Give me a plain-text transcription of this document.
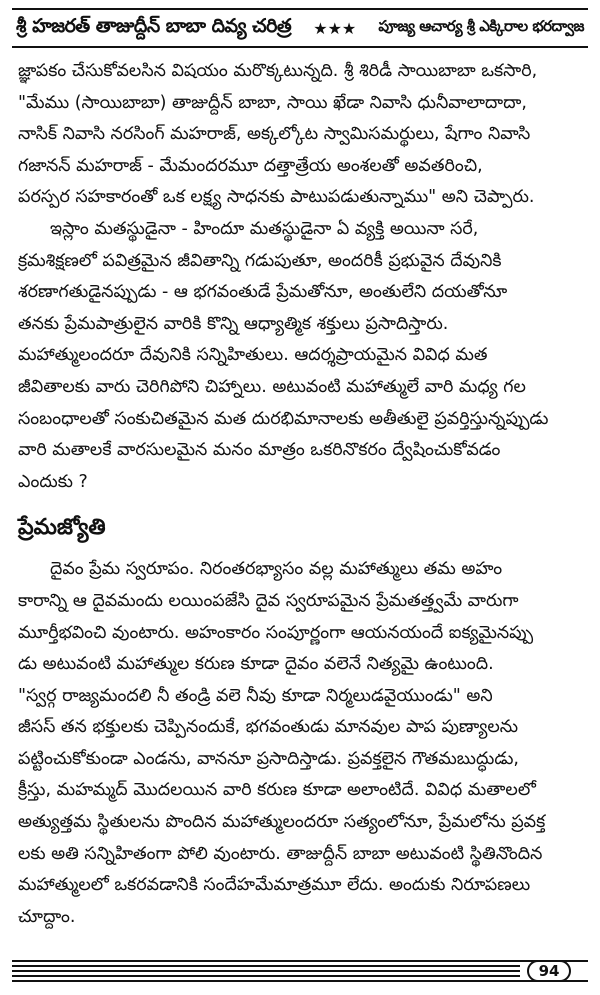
శ్రీ హజరత్ తాజుద్దీన్ బాబా దివ్య చరిత్ర ★★★ పూజ్య ఆచార్య శ్రీ ఎక్కిరాల భరద్వాజ

జ్ఞాపకం చేసుకోవలసిన విషయం మరొక్కటున్నది. శ్రీ శిరిడీ సాయిబాబా ఒకసారి,
"మేము (సాయిబాబా) తాజుద్దీన్ బాబా, సాయి ఖేడా నివాసి ధునీవాలాదాదా,
నాసిక్ నివాసి నరసింగ్ మహరాజ్, అక్కల్కోట స్వామిసమర్థులు, షేగాం నివాసి
గజానన్ మహరాజ్ - మేమందరమూ దత్తాత్రేయ అంశలతో అవతరించి,
పరస్పర సహకారంతో ఒక లక్ష్య సాధనకు పాటుపడుతున్నాము" అని చెప్పారు.

ఇస్లాం మతస్థుడైనా - హిందూ మతస్థుడైనా ఏ వ్యక్తి అయినా సరే,
క్రమశిక్షణలో పవిత్రమైన జీవితాన్ని గడుపుతూ, అందరికీ ప్రభువైన దేవునికి
శరణాగతుడైనప్పుడు - ఆ భగవంతుడే ప్రేమతోనూ, అంతులేని దయతోనూ
తనకు ప్రేమపాత్రులైన వారికి కొన్ని ఆధ్యాత్మిక శక్తులు ప్రసాదిస్తారు.
మహాత్ములందరూ దేవునికి సన్నిహితులు. ఆదర్శప్రాయమైన వివిధ మత
జీవితాలకు వారు చెరిగిపోని చిహ్నాలు. అటువంటి మహాత్ములే వారి మధ్య గల
సంబంధాలతో సంకుచితమైన మత దురభిమానాలకు అతీతులై ప్రవర్తిస్తున్నప్పుడు
వారి మతాలకే వారసులమైన మనం మాత్రం ఒకరినొకరం ద్వేషించుకోవడం
ఎందుకు ?

ప్రేమజ్యోతి

దైవం ప్రేమ స్వరూపం. నిరంతరభ్యాసం వల్ల మహాత్ములు తమ అహం
కారాన్ని ఆ దైవమందు లయింపజేసి దైవ స్వరూపమైన ప్రేమతత్త్వమే వారుగా
మూర్తీభవించి వుంటారు. అహంకారం సంపూర్ణంగా ఆయనయందే ఐక్యమైనప్పు
డు అటువంటి మహాత్ముల కరుణ కూడా దైవం వలెనే నిత్యమై ఉంటుంది.
"స్వర్గ రాజ్యమందలి నీ తండ్రి వలె నీవు కూడా నిర్మలుడవైయుండు" అని
జీసస్ తన భక్తులకు చెప్పినందుకే, భగవంతుడు మానవుల పాప పుణ్యాలను
పట్టించుకోకుండా ఎండను, వాననూ ప్రసాదిస్తాడు. ప్రవక్తలైన గౌతమబుద్ధుడు,
క్రీస్తు, మహమ్మద్ మొదలయిన వారి కరుణ కూడా అలాంటిదే. వివిధ మతాలలో
అత్యుత్తమ స్థితులను పొందిన మహాత్ములందరూ సత్యంలోనూ, ప్రేమలోను ప్రవక్త
లకు అతి సన్నిహితంగా పోలి వుంటారు. తాజుద్దీన్ బాబా అటువంటి స్థితినొందిన
మహాత్ములలో ఒకరవడానికి సందేహమేమాత్రమూ లేదు. అందుకు నిరూపణలు
చూద్దాం.

94
